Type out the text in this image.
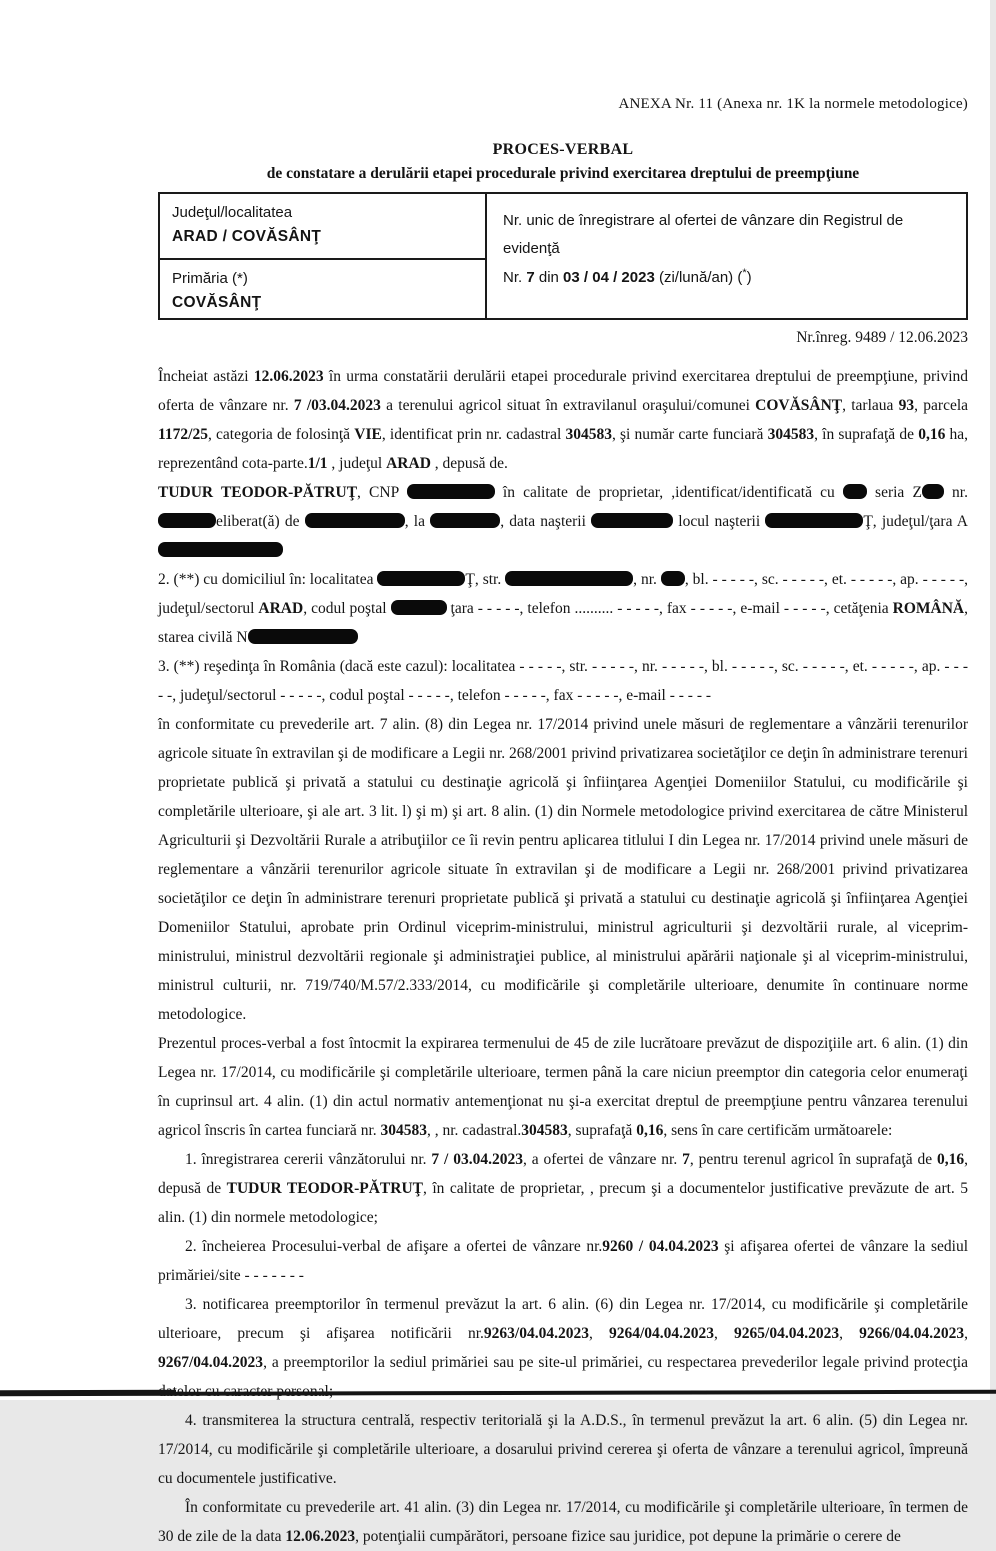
ANEXA Nr. 11 (Anexa nr. 1K la normele metodologice)
PROCES-VERBAL
de constatare a derulării etapei procedurale privind exercitarea dreptului de preempţiune
Judeţul/localitatea
ARAD / COVĂSÂNŢ
Primăria (*)
COVĂSÂNŢ
Nr. unic de înregistrare al ofertei de vânzare din Registrul de evidenţă
Nr. 7 din 03 / 04 / 2023 (zi/lună/an) (*)
Nr.înreg. 9489 / 12.06.2023

Încheiat astăzi 12.06.2023 în urma constatării derulării etapei procedurale privind exercitarea dreptului de preempţiune, privind oferta de vânzare nr. 7 /03.04.2023 a terenului agricol situat în extravilanul oraşului/comunei COVĂSÂNŢ, tarlaua 93, parcela 1172/25, categoria de folosinţă VIE, identificat prin nr. cadastral 304583, şi număr carte funciară 304583, în suprafaţă de 0,16 ha, reprezentând cota-parte.1/1 , judeţul ARAD , depusă de.

TUDUR TEODOR-PĂTRUŢ, CNP	în calitate de proprietar, ,identificat/identificată cu  seria Z nr. eliberat(ă) de	, la	, data naşterii	locul naşterii	Ţ, judeţul/ţara A

2. (**) cu domiciliul în: localitatea	Ţ, str.	, nr. , bl. - - - - -, sc. - - - - -, et. - - - - -, ap. - - - - -, judeţul/sectorul ARAD, codul poştal	ţara - - - - -, telefon .......... - - - - -, fax - - - - -, e-mail - - - - -, cetăţenia ROMÂNĂ, starea civilă N

3. (**) reşedinţa în România (dacă este cazul): localitatea - - - - -, str. - - - - -, nr. - - - - -, bl. - - - - -, sc. - - - - -, et. - - - - -, ap. - - - - -, judeţul/sectorul - - - - -, codul poştal - - - - -, telefon - - - - -, fax - - - - -, e-mail - - - - -

în conformitate cu prevederile art. 7 alin. (8) din Legea nr. 17/2014 privind unele măsuri de reglementare a vânzării terenurilor agricole situate în extravilan şi de modificare a Legii nr. 268/2001 privind privatizarea societăţilor ce deţin în administrare terenuri proprietate publică şi privată a statului cu destinaţie agricolă şi înfiinţarea Agenţiei Domeniilor Statului, cu modificările şi completările ulterioare, şi ale art. 3 lit. l) şi m) şi art. 8 alin. (1) din Normele metodologice privind exercitarea de către Ministerul Agriculturii şi Dezvoltării Rurale a atribuţiilor ce îi revin pentru aplicarea titlului I din Legea nr. 17/2014 privind unele măsuri de reglementare a vânzării terenurilor agricole situate în extravilan şi de modificare a Legii nr. 268/2001 privind privatizarea societăţilor ce deţin în administrare terenuri proprietate publică şi privată a statului cu destinaţie agricolă şi înfiinţarea Agenţiei Domeniilor Statului, aprobate prin Ordinul viceprim-ministrului, ministrul agriculturii şi dezvoltării rurale, al viceprim-ministrului, ministrul dezvoltării regionale şi administraţiei publice, al ministrului apărării naţionale şi al viceprim-ministrului, ministrul culturii, nr. 719/740/M.57/2.333/2014, cu modificările şi completările ulterioare, denumite în continuare norme metodologice.

Prezentul proces-verbal a fost întocmit la expirarea termenului de 45 de zile lucrătoare prevăzut de dispoziţiile art. 6 alin. (1) din Legea nr. 17/2014, cu modificările şi completările ulterioare, termen până la care niciun preemptor din categoria celor enumeraţi în cuprinsul art. 4 alin. (1) din actul normativ antemenţionat nu şi-a exercitat dreptul de preempţiune pentru vânzarea terenului agricol înscris în cartea funciară nr. 304583, , nr. cadastral.304583, suprafaţă 0,16, sens în care certificăm următoarele:

1. înregistrarea cererii vânzătorului nr. 7 / 03.04.2023, a ofertei de vânzare nr. 7, pentru terenul agricol în suprafaţă de 0,16, depusă de TUDUR TEODOR-PĂTRUŢ, în calitate de proprietar, , precum şi a documentelor justificative prevăzute de art. 5 alin. (1) din normele metodologice;

2. încheierea Procesului-verbal de afişare a ofertei de vânzare nr.9260 / 04.04.2023 şi afişarea ofertei de vânzare la sediul primăriei/site - - - - - - -

3. notificarea preemptorilor în termenul prevăzut la art. 6 alin. (6) din Legea nr. 17/2014, cu modificările şi completările ulterioare, precum şi afişarea notificării nr.9263/04.04.2023, 9264/04.04.2023, 9265/04.04.2023, 9266/04.04.2023, 9267/04.04.2023, a preemptorilor la sediul primăriei sau pe site-ul primăriei, cu respectarea prevederilor legale privind protecţia

4. transmiterea la structura centrală, respectiv teritorială şi la A.D.S., în termenul prevăzut la art. 6 alin. (5) din Legea nr. 17/2014, cu modificările şi completările ulterioare, a dosarului privind cererea şi oferta de vânzare a terenului agricol, împreună cu documentele justificative.

În conformitate cu prevederile art. 41 alin. (3) din Legea nr. 17/2014, cu modificările şi completările ulterioare, în termen de 30 de zile de la data 12.06.2023, potenţialii cumpărători, persoane fizice sau juridice, pot depune la primărie o cerere de
